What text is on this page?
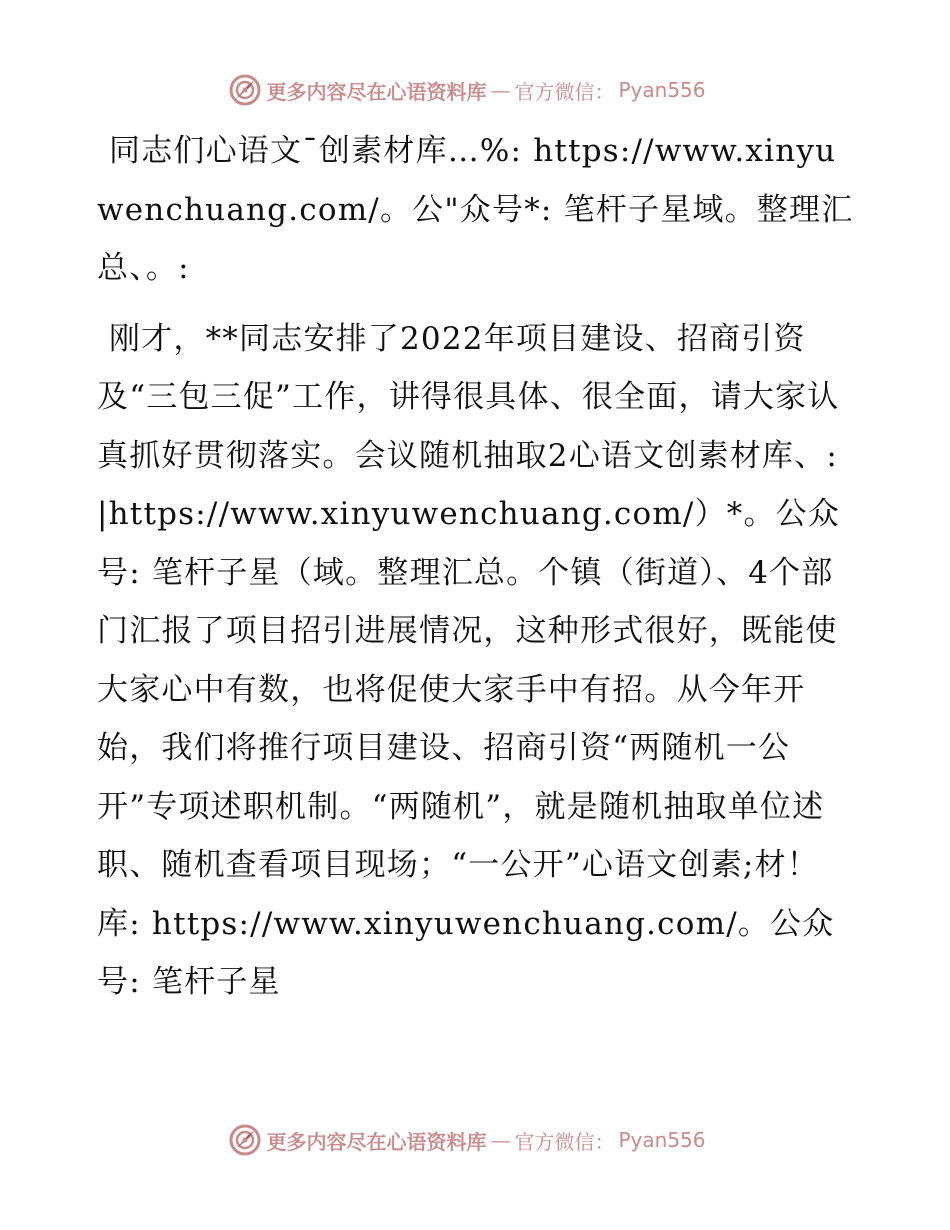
更多内容尽在心语资料库 — 官方微信： Pyan556

同志们心语文¯创素材库…%: https://www.xinyuwenchuang.com/。公"众号*: 笔杆子星域。整理汇总、。:

刚才，**同志安排了2022年项目建设、招商引资及“三包三促”工作，讲得很具体、很全面，请大家认真抓好贯彻落实。会议随机抽取2心语文创素材库、: |https://www.xinyuwenchuang.com/）*。公众号: 笔杆子星（域。整理汇总。个镇（街道）、4个部门汇报了项目招引进展情况，这种形式很好，既能使大家心中有数，也将促使大家手中有招。从今年开始，我们将推行项目建设、招商引资“两随机一公开”专项述职机制。“两随机”，就是随机抽取单位述职、随机查看项目现场；“一公开”心语文创素;材！库: https://www.xinyuwenchuang.com/。公众号: 笔杆子星

更多内容尽在心语资料库 — 官方微信： Pyan556
